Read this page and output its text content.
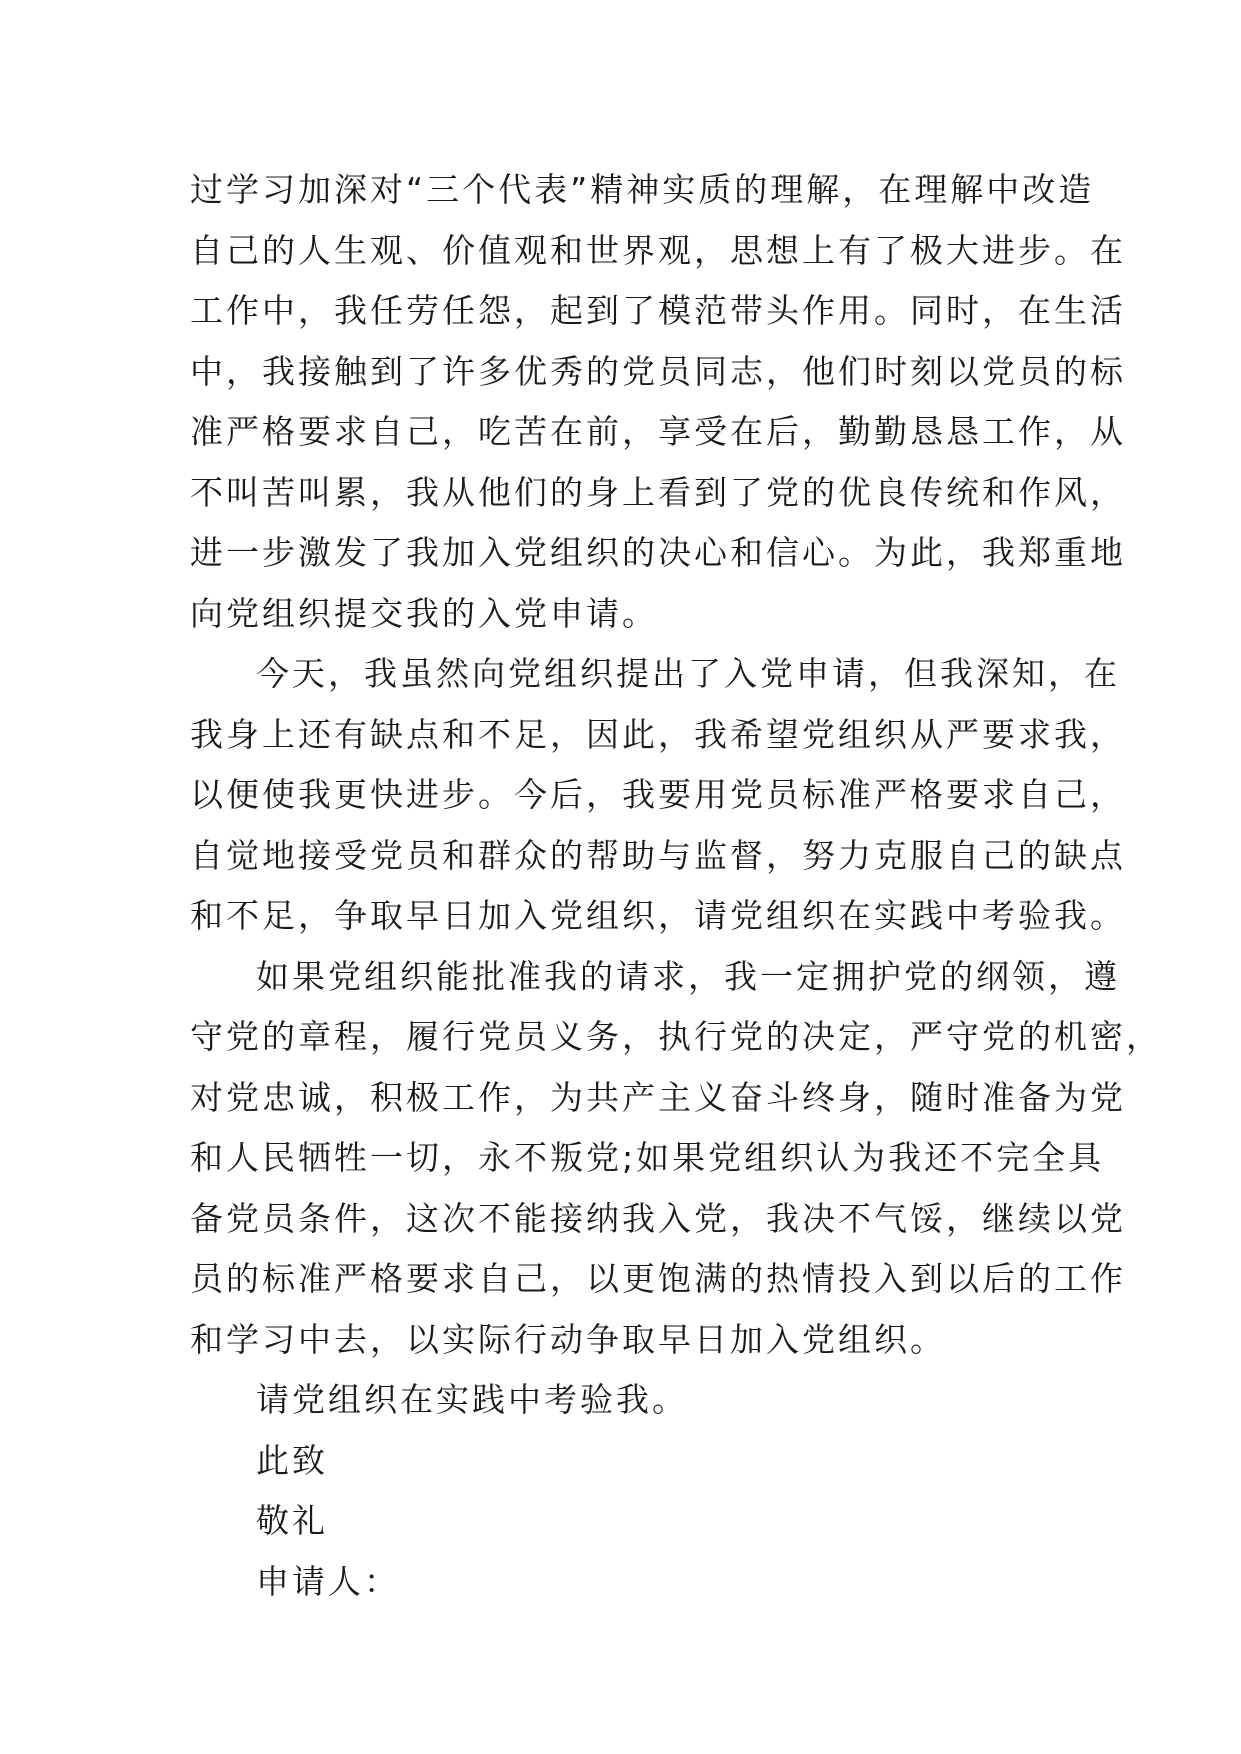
过学习加深对“三个代表”精神实质的理解，在理解中改造
自己的人生观、价值观和世界观，思想上有了极大进步。在
工作中，我任劳任怨，起到了模范带头作用。同时，在生活
中，我接触到了许多优秀的党员同志，他们时刻以党员的标
准严格要求自己，吃苦在前，享受在后，勤勤恳恳工作，从
不叫苦叫累，我从他们的身上看到了党的优良传统和作风，
进一步激发了我加入党组织的决心和信心。为此，我郑重地
向党组织提交我的入党申请。
今天，我虽然向党组织提出了入党申请，但我深知，在
我身上还有缺点和不足，因此，我希望党组织从严要求我，
以便使我更快进步。今后，我要用党员标准严格要求自己，
自觉地接受党员和群众的帮助与监督，努力克服自己的缺点
和不足，争取早日加入党组织，请党组织在实践中考验我。
如果党组织能批准我的请求，我一定拥护党的纲领，遵
守党的章程，履行党员义务，执行党的决定，严守党的机密，
对党忠诚，积极工作，为共产主义奋斗终身，随时准备为党
和人民牺牲一切，永不叛党;如果党组织认为我还不完全具
备党员条件，这次不能接纳我入党，我决不气馁，继续以党
员的标准严格要求自己，以更饱满的热情投入到以后的工作
和学习中去，以实际行动争取早日加入党组织。
请党组织在实践中考验我。
此致
敬礼
申请人：
